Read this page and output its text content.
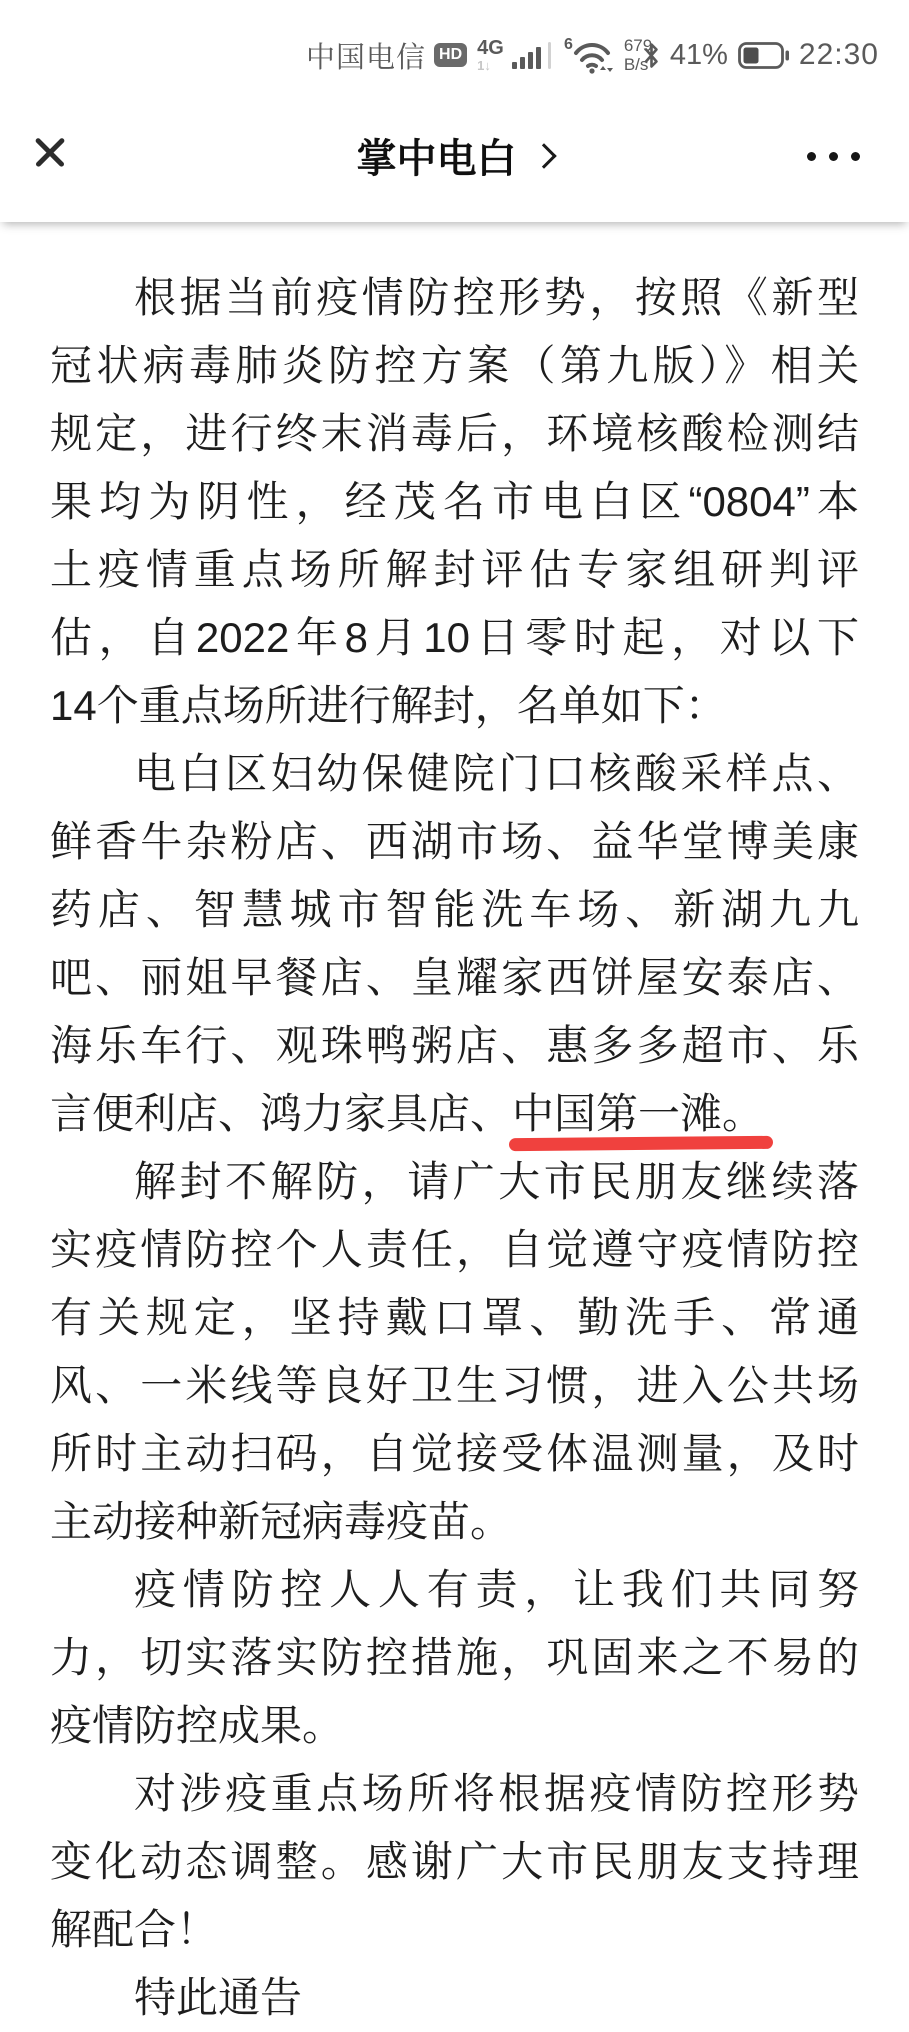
中国电信 HD 4G
1↓
6	679
B/s 41% 22:30
掌中电白
根据当前疫情防控形势，按照《新型
冠状病毒肺炎防控方案（第九版）》相关
规定，进行终末消毒后，环境核酸检测结
果均为阴性，经茂名市电白区“0804”本
土疫情重点场所解封评估专家组研判评
估，自2022年8月10日零时起，对以下
14个重点场所进行解封，名单如下：
电白区妇幼保健院门口核酸采样点、
鲜香牛杂粉店、西湖市场、益华堂博美康
药店、智慧城市智能洗车场、新湖九九
吧、丽姐早餐店、皇耀家西饼屋安泰店、
海乐车行、观珠鸭粥店、惠多多超市、乐
言便利店、鸿力家具店、中国第一滩。
解封不解防，请广大市民朋友继续落
实疫情防控个人责任，自觉遵守疫情防控
有关规定，坚持戴口罩、勤洗手、常通
风、一米线等良好卫生习惯，进入公共场
所时主动扫码，自觉接受体温测量，及时
主动接种新冠病毒疫苗。
疫情防控人人有责，让我们共同努
力，切实落实防控措施，巩固来之不易的
疫情防控成果。
对涉疫重点场所将根据疫情防控形势
变化动态调整。感谢广大市民朋友支持理
解配合！
特此通告
